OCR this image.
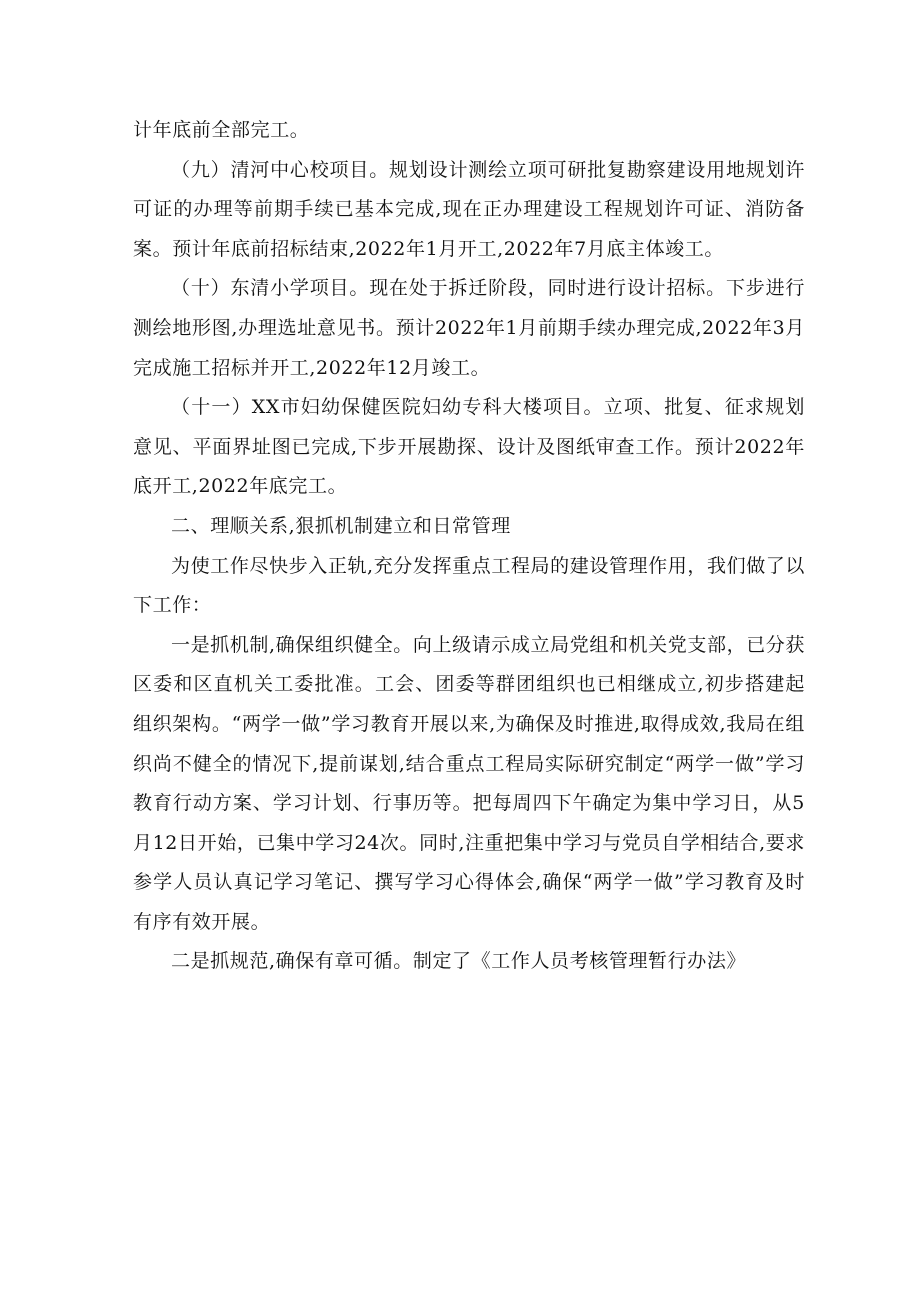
计年底前全部完工。

（九）清河中心校项目。规划设计测绘立项可研批复勘察建设用地规划许可证的办理等前期手续已基本完成,现在正办理建设工程规划许可证、消防备案。预计年底前招标结束,2022年1月开工,2022年7月底主体竣工。

（十）东清小学项目。现在处于拆迁阶段，同时进行设计招标。下步进行测绘地形图,办理选址意见书。预计2022年1月前期手续办理完成,2022年3月完成施工招标并开工,2022年12月竣工。

（十一）XX市妇幼保健医院妇幼专科大楼项目。立项、批复、征求规划意见、平面界址图已完成,下步开展勘探、设计及图纸审查工作。预计2022年底开工,2022年底完工。

二、理顺关系,狠抓机制建立和日常管理

为使工作尽快步入正轨,充分发挥重点工程局的建设管理作用，我们做了以下工作：

一是抓机制,确保组织健全。向上级请示成立局党组和机关党支部，已分获区委和区直机关工委批准。工会、团委等群团组织也已相继成立,初步搭建起组织架构。“两学一做”学习教育开展以来,为确保及时推进,取得成效,我局在组织尚不健全的情况下,提前谋划,结合重点工程局实际研究制定“两学一做”学习教育行动方案、学习计划、行事历等。把每周四下午确定为集中学习日，从5月12日开始，已集中学习24次。同时,注重把集中学习与党员自学相结合,要求参学人员认真记学习笔记、撰写学习心得体会,确保“两学一做”学习教育及时有序有效开展。

二是抓规范,确保有章可循。制定了《工作人员考核管理暂行办法》
